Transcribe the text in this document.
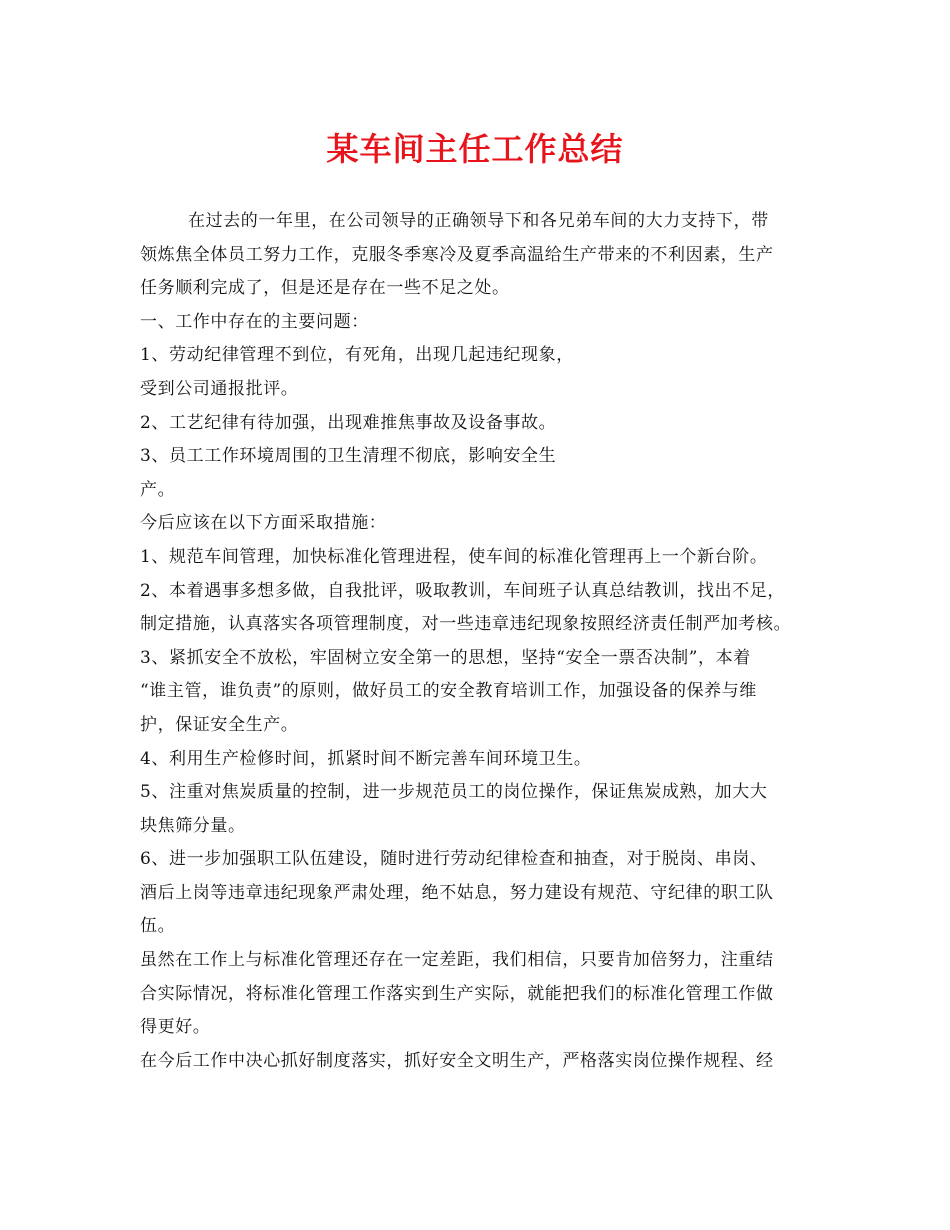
某车间主任工作总结

在过去的一年里，在公司领导的正确领导下和各兄弟车间的大力支持下，带

领炼焦全体员工努力工作，克服冬季寒冷及夏季高温给生产带来的不利因素，生产

任务顺利完成了，但是还是存在一些不足之处。

一、工作中存在的主要问题：

1、劳动纪律管理不到位，有死角，出现几起违纪现象，

受到公司通报批评。

2、工艺纪律有待加强，出现难推焦事故及设备事故。

3、员工工作环境周围的卫生清理不彻底，影响安全生

产。

今后应该在以下方面采取措施：

1、规范车间管理，加快标准化管理进程，使车间的标准化管理再上一个新台阶。

2、本着遇事多想多做，自我批评，吸取教训，车间班子认真总结教训，找出不足，

制定措施，认真落实各项管理制度，对一些违章违纪现象按照经济责任制严加考核。

3、紧抓安全不放松，牢固树立安全第一的思想，坚持“安全一票否决制”，本着

“谁主管，谁负责”的原则，做好员工的安全教育培训工作，加强设备的保养与维

护，保证安全生产。

4、利用生产检修时间，抓紧时间不断完善车间环境卫生。

5、注重对焦炭质量的控制，进一步规范员工的岗位操作，保证焦炭成熟，加大大

块焦筛分量。

6、进一步加强职工队伍建设，随时进行劳动纪律检查和抽查，对于脱岗、串岗、

酒后上岗等违章违纪现象严肃处理，绝不姑息，努力建设有规范、守纪律的职工队

伍。

虽然在工作上与标准化管理还存在一定差距，我们相信，只要肯加倍努力，注重结

合实际情况，将标准化管理工作落实到生产实际，就能把我们的标准化管理工作做

得更好。

在今后工作中决心抓好制度落实，抓好安全文明生产，严格落实岗位操作规程、经
